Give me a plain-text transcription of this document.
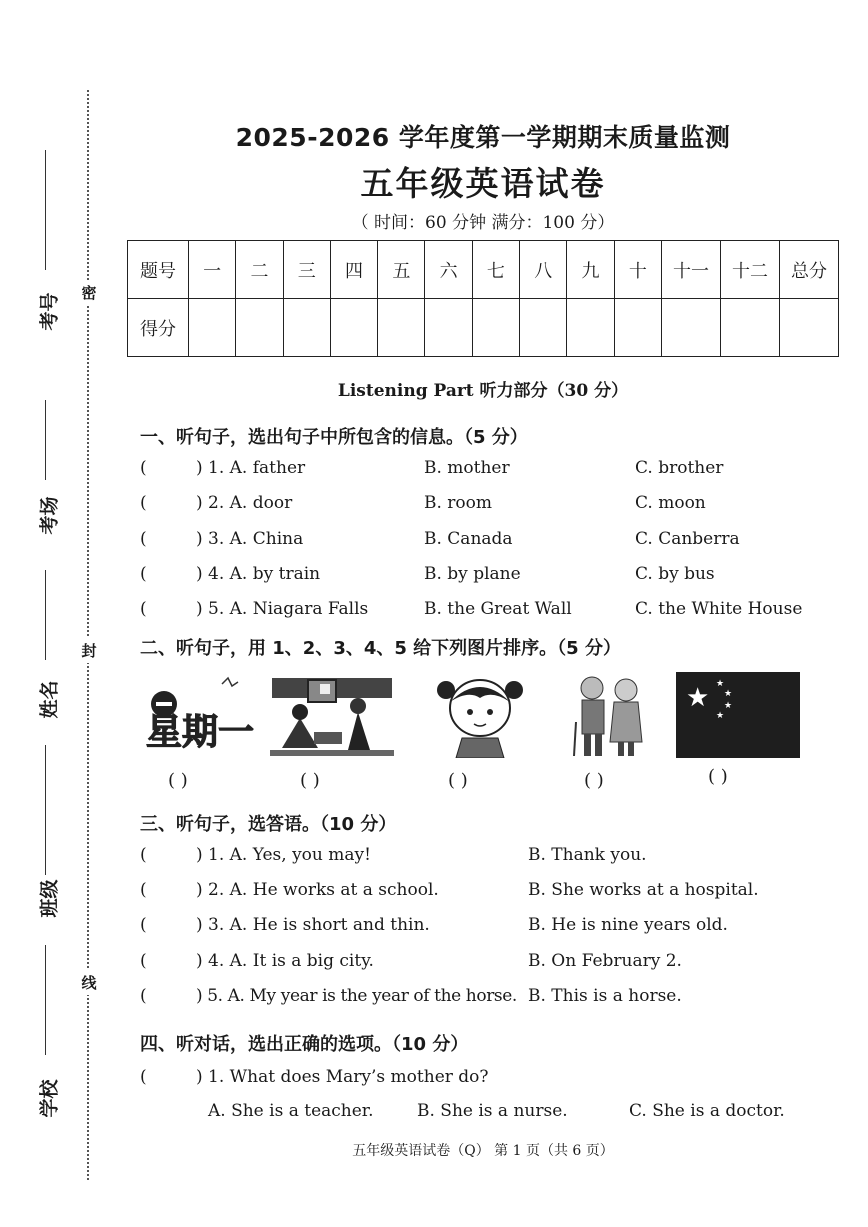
密
封
线
考号
考场
姓名
班级
学校
2025-2026 学年度第一学期期末质量监测
五年级英语试卷
（ 时间：60 分钟 满分：100 分）
题号	一	二	三	四	五	六	七	八	九	十	十一	十二	总分
得分													
Listening Part 听力部分（30 分）
一、听句子，选出句子中所包含的信息。（5 分）
(	) 1. A. father	B. mother	C. brother
(	) 2. A. door	B. room	C. moon
(	) 3. A. China	B. Canada	C. Canberra
(	) 4. A. by train	B. by plane	C. by bus
(	) 5. A. Niagara Falls	B. the Great Wall	C. the White House
二、听句子，用 1、2、3、4、5 给下列图片排序。（5 分）
星期一
★ ★
★
★
★
( )	( )	( )	( )	( )
三、听句子，选答语。（10 分）
(	) 1. A. Yes, you may!	B. Thank you.
(	) 2. A. He works at a school.	B. She works at a hospital.
(	) 3. A. He is short and thin.	B. He is nine years old.
(	) 4. A. It is a big city.	B. On February 2.
(	) 5. A. My year is the year of the horse. B. This is a horse.
四、听对话，选出正确的选项。（10 分）
(	) 1. What does Mary’s mother do?
A. She is a teacher.	B. She is a nurse.	C. She is a doctor.
五年级英语试卷（Q） 第 1 页（共 6 页）
